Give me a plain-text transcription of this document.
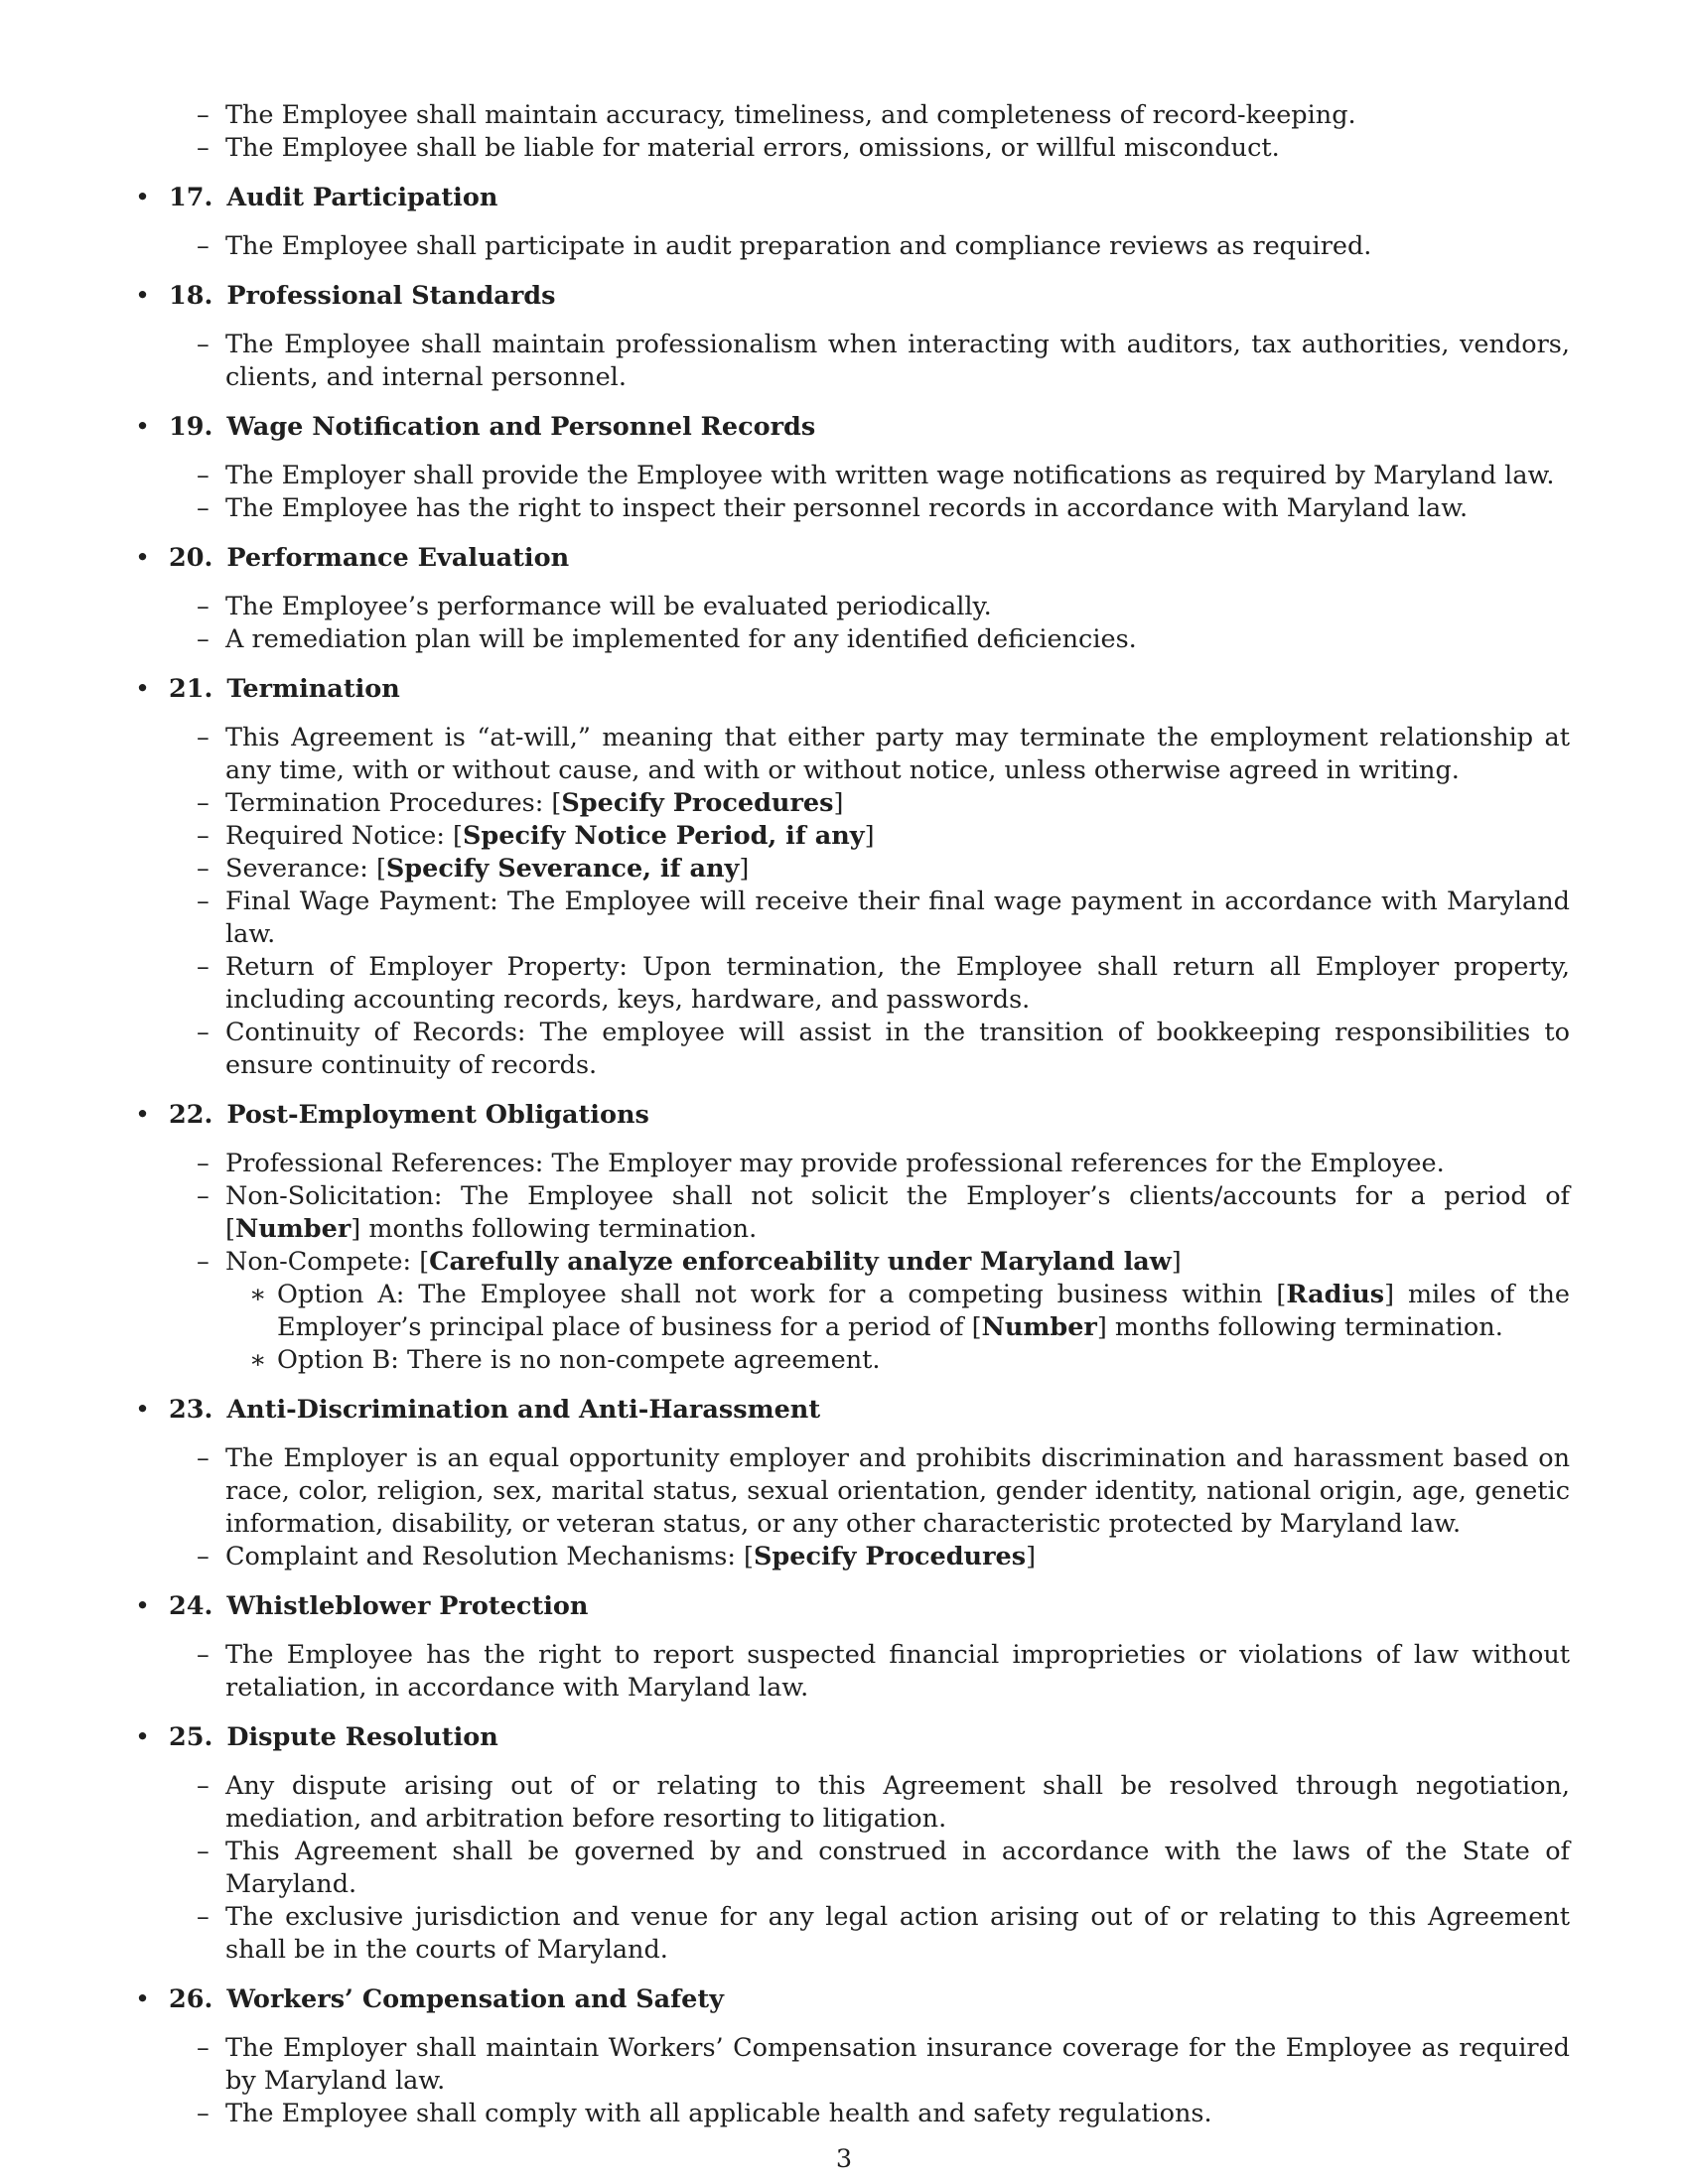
– The Employee shall maintain accuracy, timeliness, and completeness of record-keeping.
– The Employee shall be liable for material errors, omissions, or willful misconduct.
• 17. Audit Participation
– The Employee shall participate in audit preparation and compliance reviews as required.
• 18. Professional Standards
– The Employee shall maintain professionalism when interacting with auditors, tax authorities, vendors, clients, and internal personnel.
• 19. Wage Notification and Personnel Records
– The Employer shall provide the Employee with written wage notifications as required by Maryland law.
– The Employee has the right to inspect their personnel records in accordance with Maryland law.
• 20. Performance Evaluation
– The Employee’s performance will be evaluated periodically.
– A remediation plan will be implemented for any identified deficiencies.
• 21. Termination
– This Agreement is “at-will,” meaning that either party may terminate the employment relationship at any time, with or without cause, and with or without notice, unless otherwise agreed in writing.
– Termination Procedures: [Specify Procedures]
– Required Notice: [Specify Notice Period, if any]
– Severance: [Specify Severance, if any]
– Final Wage Payment: The Employee will receive their final wage payment in accordance with Maryland law.
– Return of Employer Property: Upon termination, the Employee shall return all Employer property, including accounting records, keys, hardware, and passwords.
– Continuity of Records: The employee will assist in the transition of bookkeeping responsibilities to ensure continuity of records.
• 22. Post-Employment Obligations
– Professional References: The Employer may provide professional references for the Employee.
– Non-Solicitation: The Employee shall not solicit the Employer’s clients/accounts for a period of [Number] months following termination.
– Non-Compete: [Carefully analyze enforceability under Maryland law]
∗ Option A: The Employee shall not work for a competing business within [Radius] miles of the Employer’s principal place of business for a period of [Number] months following termination.
∗ Option B: There is no non-compete agreement.
• 23. Anti-Discrimination and Anti-Harassment
– The Employer is an equal opportunity employer and prohibits discrimination and harassment based on race, color, religion, sex, marital status, sexual orientation, gender identity, national origin, age, genetic information, disability, or veteran status, or any other characteristic protected by Maryland law.
– Complaint and Resolution Mechanisms: [Specify Procedures]
• 24. Whistleblower Protection
– The Employee has the right to report suspected financial improprieties or violations of law without retaliation, in accordance with Maryland law.
• 25. Dispute Resolution
– Any dispute arising out of or relating to this Agreement shall be resolved through negotiation, mediation, and arbitration before resorting to litigation.
– This Agreement shall be governed by and construed in accordance with the laws of the State of Maryland.
– The exclusive jurisdiction and venue for any legal action arising out of or relating to this Agreement shall be in the courts of Maryland.
• 26. Workers’ Compensation and Safety
– The Employer shall maintain Workers’ Compensation insurance coverage for the Employee as required by Maryland law.
– The Employee shall comply with all applicable health and safety regulations.
3
